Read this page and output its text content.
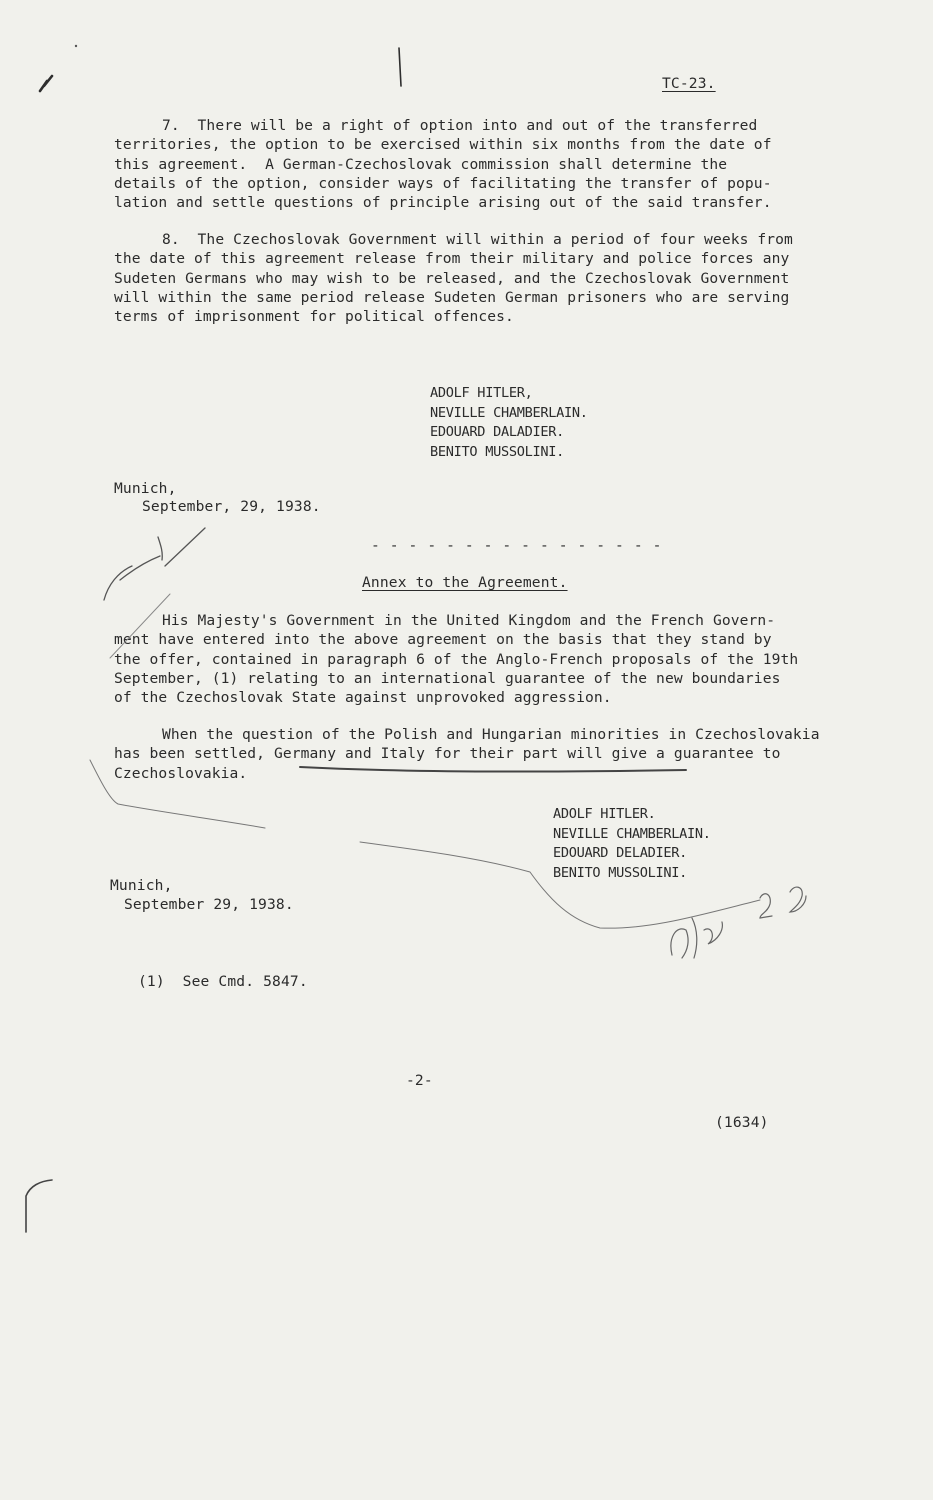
TC-23.
7.  There will be a right of option into and out of the transferred
territories, the option to be exercised within six months from the date of
this agreement.  A German-Czechoslovak commission shall determine the
details of the option, consider ways of facilitating the transfer of popu-
lation and settle questions of principle arising out of the said transfer.
8.  The Czechoslovak Government will within a period of four weeks from
the date of this agreement release from their military and police forces any
Sudeten Germans who may wish to be released, and the Czechoslovak Government
will within the same period release Sudeten German prisoners who are serving
terms of imprisonment for political offences.
ADOLF HITLER,
NEVILLE CHAMBERLAIN.
EDOUARD DALADIER.
BENITO MUSSOLINI.
Munich,
September, 29, 1938.
- - - - - - - - - - - - - - - -
Annex to the Agreement.
His Majesty's Government in the United Kingdom and the French Govern-
ment have entered into the above agreement on the basis that they stand by
the offer, contained in paragraph 6 of the Anglo-French proposals of the 19th
September, (1) relating to an international guarantee of the new boundaries
of the Czechoslovak State against unprovoked aggression.
When the question of the Polish and Hungarian minorities in Czechoslovakia
has been settled, Germany and Italy for their part will give a guarantee to
Czechoslovakia.
ADOLF HITLER.
NEVILLE CHAMBERLAIN.
EDOUARD DELADIER.
BENITO MUSSOLINI.
Munich,
September 29, 1938.
(1)  See Cmd. 5847.
-2-
(1634)
